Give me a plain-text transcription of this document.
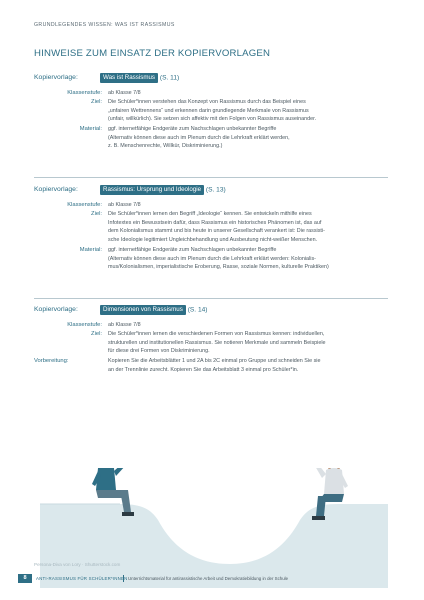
GRUNDLEGENDES WISSEN: WAS IST RASSISMUS
HINWEISE ZUM EINSATZ DER KOPIERVORLAGEN
Kopiervorlage:	Was ist Rassismus (S. 11)
Klassenstufe: ab Klasse 7/8
Ziel: Die Schüler*innen verstehen das Konzept von Rassismus durch das Beispiel eines
„unfairen Wettrennens“ und erkennen darin grundlegende Merkmale von Rassismus
(unfair, willkürlich). Sie setzen sich affektiv mit den Folgen von Rassismus auseinander.
Material: ggf. internetfähige Endgeräte zum Nachschlagen unbekannter Begriffe
(Alternativ können diese auch im Plenum durch die Lehrkraft erklärt werden,
z. B. Menschenrechte, Willkür, Diskriminierung.)
Kopiervorlage:	Rassismus: Ursprung und Ideologie (S. 13)
Klassenstufe: ab Klasse 7/8
Ziel: Die Schüler*innen lernen den Begriff „Ideologie“ kennen. Sie entwickeln mithilfe eines
Infotextes ein Bewusstsein dafür, dass Rassismus ein historisches Phänomen ist, das auf
dem Kolonialismus stammt und bis heute in unserer Gesellschaft verankert ist: Die rassisti-
sche Ideologie legitimiert Ungleichbehandlung und Ausbeutung nicht-weißer Menschen.
Material: ggf. internetfähige Endgeräte zum Nachschlagen unbekannter Begriffe
(Alternativ können diese auch im Plenum durch die Lehrkraft erklärt werden: Kolonialis-
mus/Kolonialismen, imperialistische Eroberung, Rasse, soziale Normen, kulturelle Praktiken)
Kopiervorlage:	Dimensionen von Rassismus (S. 14)
Klassenstufe: ab Klasse 7/8
Ziel: Die Schüler*innen lernen die verschiedenen Formen von Rassismus kennen: individuellen,
strukturellen und institutionellen Rassismus. Sie notieren Merkmale und sammeln Beispiele
für diese drei Formen von Diskriminierung.
Vorbereitung:	Kopieren Sie die Arbeitsblätter 1 und 2A bis 2C einmal pro Gruppe und schneiden Sie sie
an der Trennlinie zurecht. Kopieren Sie das Arbeitsblatt 3 einmal pro Schüler*in.
Persona-Diva von Lory · Shutterstock.com
8	ANTI-RASSISMUS FÜR SCHÜLER*INNEN Unterrichtsmaterial für antirassistische Arbeit und Demokratiebildung in der Schule
